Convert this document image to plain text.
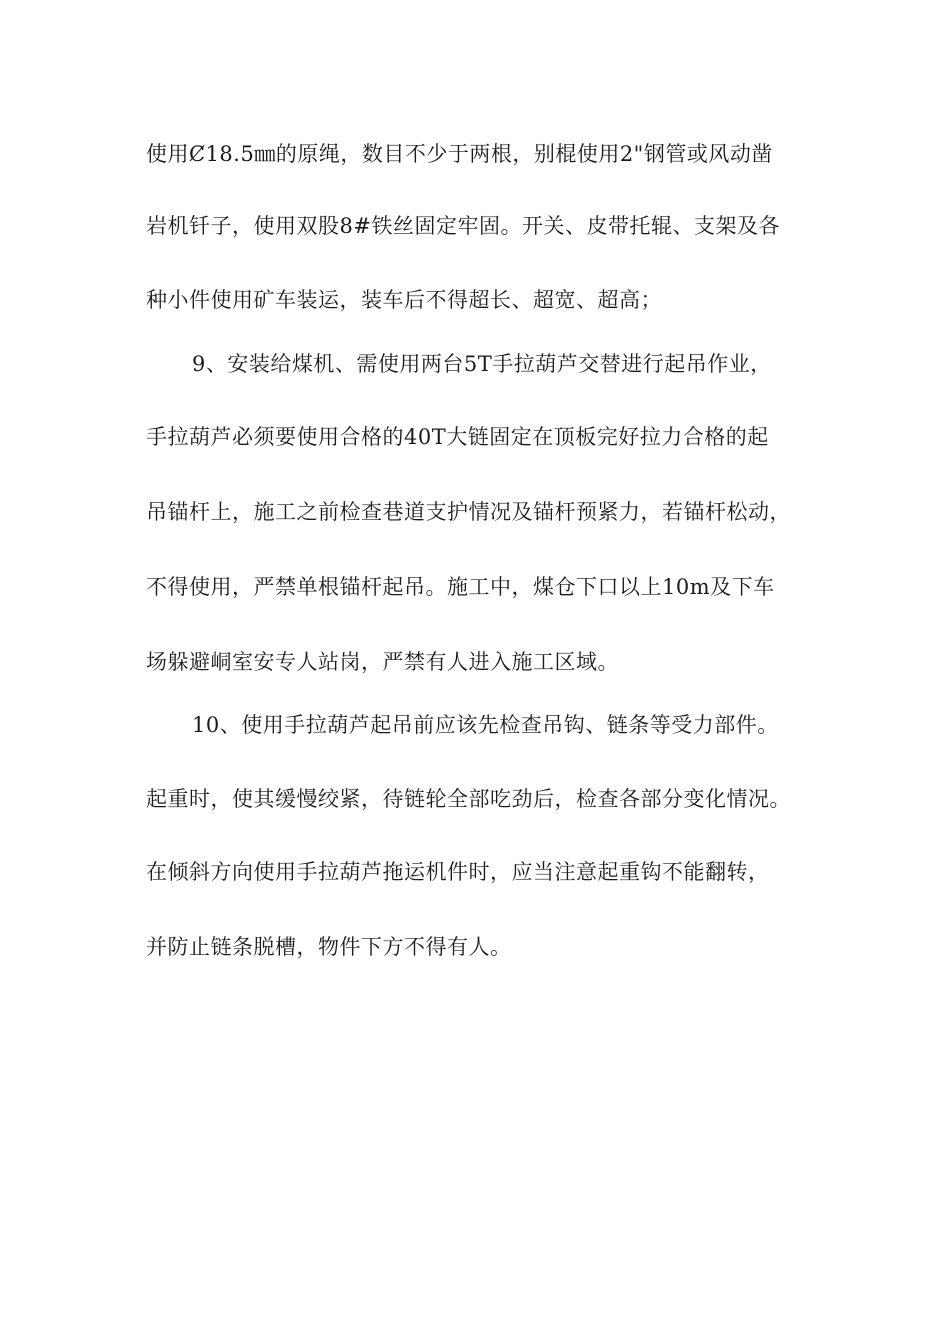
使用Ȼ18.5㎜的原绳，数目不少于两根，别棍使用2"钢管或风动凿
岩机钎子，使用双股8#铁丝固定牢固。开关、皮带托辊、支架及各
种小件使用矿车装运，装车后不得超长、超宽、超高；
9、安装给煤机、需使用两台5T手拉葫芦交替进行起吊作业，
手拉葫芦必须要使用合格的40T大链固定在顶板完好拉力合格的起
吊锚杆上，施工之前检查巷道支护情况及锚杆预紧力，若锚杆松动，
不得使用，严禁单根锚杆起吊。施工中，煤仓下口以上10m及下车
场躲避峒室安专人站岗，严禁有人进入施工区域。
10、使用手拉葫芦起吊前应该先检查吊钩、链条等受力部件。
起重时，使其缓慢绞紧，待链轮全部吃劲后，检查各部分变化情况。
在倾斜方向使用手拉葫芦拖运机件时，应当注意起重钩不能翻转，
并防止链条脱槽，物件下方不得有人。
